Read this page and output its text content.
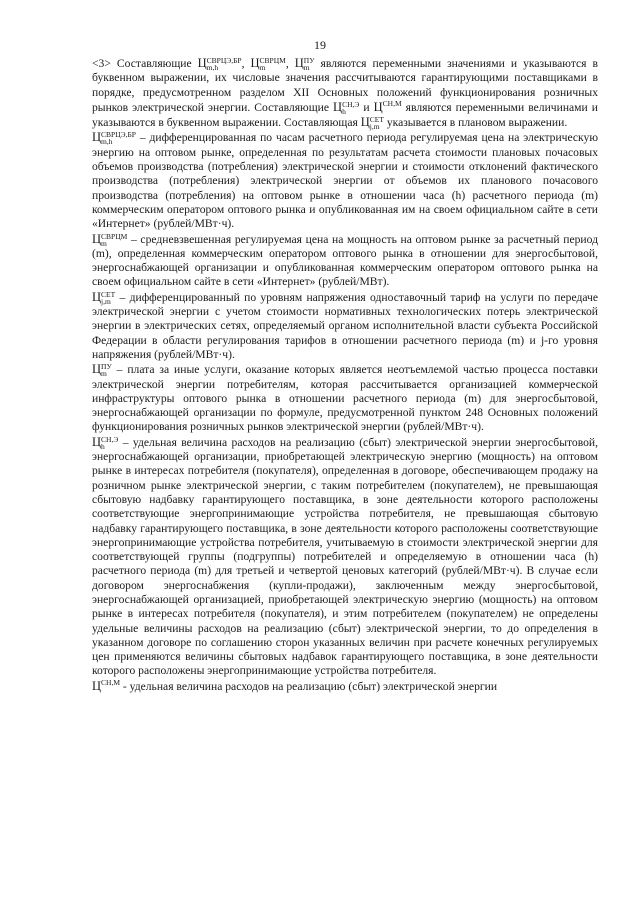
19

<3> Составляющие Ц СВРЦЭ,БР
m,h	, Ц СВРЦМ
m	, Ц ПУ
m являются переменными значениями и указываются в буквенном выражении, их числовые значения рассчитываются гарантирующими поставщиками в порядке, предусмотренном разделом XII Основных положений функционирования розничных рынков электрической энергии. Составляющие Ц СН,Э
h	и $Ц^{СН,М}$ являются переменными величинами и указываются в буквенном выражении. Составляющая Ц СЕТ
j,m указывается в плановом выражении.

Ц СВРЦЭ,БР
m,h	– дифференцированная по часам расчетного периода регулируемая цена на электрическую энергию на оптовом рынке, определенная по результатам расчета стоимости плановых почасовых объемов производства (потребления) электрической энергии и стоимости отклонений фактического производства (потребления) электрической энергии от объемов их планового почасового производства (потребления) на оптовом рынке в отношении часа (h) расчетного периода (m) коммерческим оператором оптового рынка и опубликованная им на своем официальном сайте в сети «Интернет» (рублей/МВт·ч).

Ц СВРЦМ
m	– средневзвешенная регулируемая цена на мощность на оптовом рынке за расчетный период (m), определенная коммерческим оператором оптового рынка в отношении для энергосбытовой, энергоснабжающей организации и опубликованная коммерческим оператором оптового рынка на своем официальном сайте в сети «Интернет» (рублей/МВт).

Ц СЕТ
j,m – дифференцированный по уровням напряжения одноставочный тариф на услуги по передаче электрической энергии с учетом стоимости нормативных технологических потерь электрической энергии в электрических сетях, определяемый органом исполнительной власти субъекта Российской Федерации в области регулирования тарифов в отношении расчетного периода (m) и j-го уровня напряжения (рублей/МВт·ч).

Ц ПУ
m – плата за иные услуги, оказание которых является неотъемлемой частью процесса поставки электрической энергии потребителям, которая рассчитывается организацией коммерческой инфраструктуры оптового рынка в отношении расчетного периода (m) для энергосбытовой, энергоснабжающей организации по формуле, предусмотренной пунктом 248 Основных положений функционирования розничных рынков электрической энергии (рублей/МВт·ч).

Ц СН,Э
h	– удельная величина расходов на реализацию (сбыт) электрической энергии энергосбытовой, энергоснабжающей организации, приобретающей электрическую энергию (мощность) на оптовом рынке в интересах потребителя (покупателя), определенная в договоре, обеспечивающем продажу на розничном рынке электрической энергии, с таким потребителем (покупателем), не превышающая сбытовую надбавку гарантирующего поставщика, в зоне деятельности которого расположены соответствующие энергопринимающие устройства потребителя, не превышающая сбытовую надбавку гарантирующего поставщика, в зоне деятельности которого расположены соответствующие энергопринимающие устройства потребителя, учитываемую в стоимости электрической энергии для соответствующей группы (подгруппы) потребителей и определяемую в отношении часа (h) расчетного периода (m) для третьей и четвертой ценовых категорий (рублей/МВт·ч). В случае если договором энергоснабжения (купли-продажи), заключенным между энергосбытовой, энергоснабжающей организацией, приобретающей электрическую энергию (мощность) на оптовом рынке в интересах потребителя (покупателя), и этим потребителем (покупателем) не определены удельные величины расходов на реализацию (сбыт) электрической энергии, то до определения в указанном договоре по соглашению сторон указанных величин при расчете конечных регулируемых цен применяются величины сбытовых надбавок гарантирующего поставщика, в зоне деятельности которого расположены энергопринимающие устройства потребителя.

$Ц^{СН,М}$ - удельная величина расходов на реализацию (сбыт) электрической энергии
